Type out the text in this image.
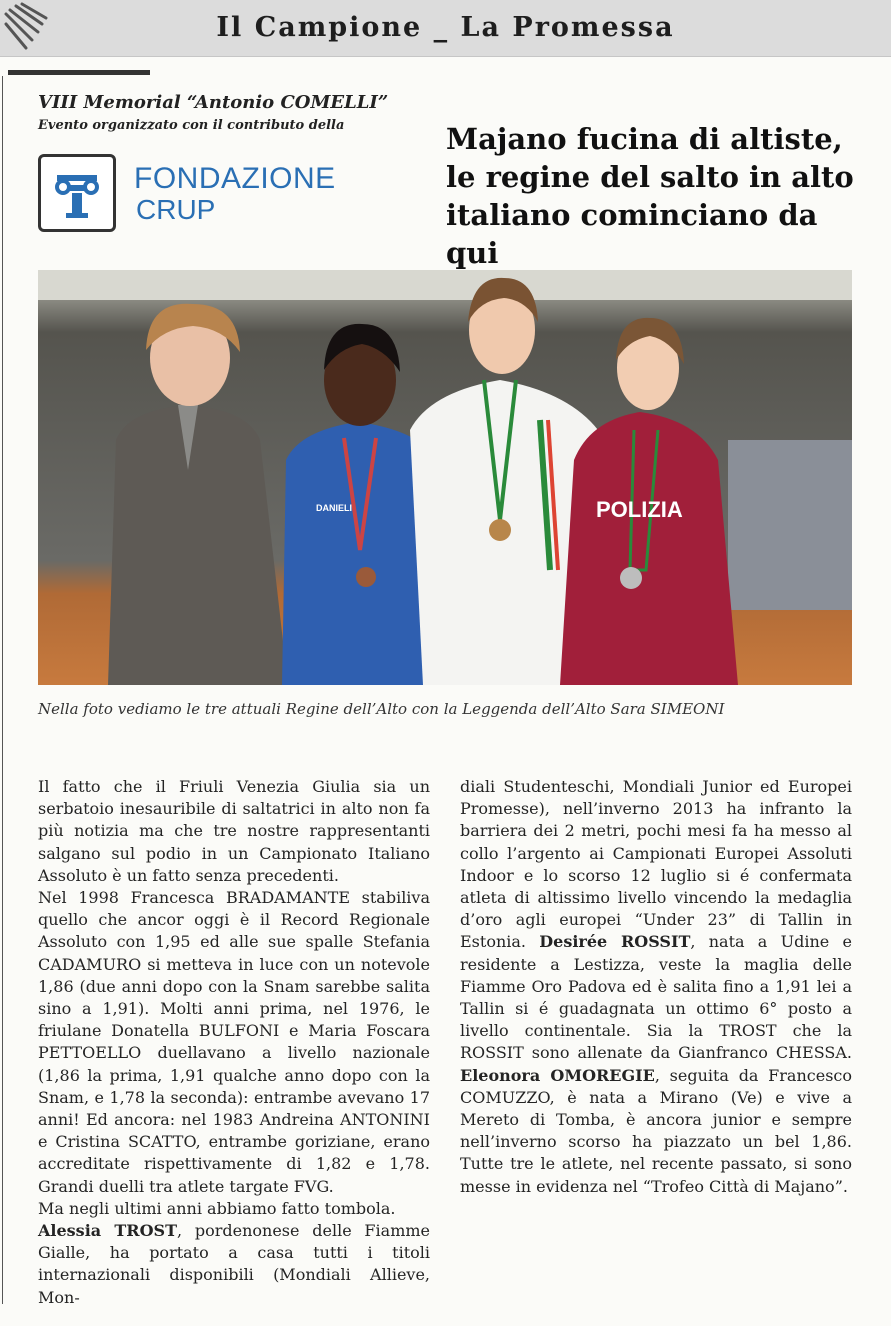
Il Campione _ La Promessa
VIII Memorial “Antonio COMELLI”
Evento organizzato con il contributo della
FONDAZIONE
CRUP
Majano fucina di altiste,
le regine del salto in alto
italiano cominciano da qui
DANIELI	POLIZIA
Nella foto vediamo le tre attuali Regine dell’Alto con la Leggenda dell’Alto Sara SIMEONI

Il fatto che il Friuli Venezia Giulia sia un serbatoio inesauribile di saltatrici in alto non fa più notizia ma che tre nostre rappresentanti salgano sul podio in un Campionato Italiano Assoluto è un fatto senza precedenti.

Nel 1998 Francesca BRADAMANTE stabiliva quello che ancor oggi è il Record Regionale Assoluto con 1,95 ed alle sue spalle Stefania CADAMURO si metteva in luce con un notevole 1,86 (due anni dopo con la Snam sarebbe salita sino a 1,91). Molti anni prima, nel 1976, le friulane Donatella BULFONI e Maria Foscara PETTOELLO duellavano a livello nazionale (1,86 la prima, 1,91 qualche anno dopo con la Snam, e 1,78 la seconda): entrambe avevano 17 anni! Ed ancora: nel 1983 Andreina ANTONINI e Cristina SCATTO, entrambe goriziane, erano accreditate rispettivamente di 1,82 e 1,78. Grandi duelli tra atlete targate FVG.

Ma negli ultimi anni abbiamo fatto tombola.

Alessia TROST, pordenonese delle Fiamme Gialle, ha portato a casa tutti i titoli internazionali disponibili (Mondiali Allieve, Mon-

diali Studenteschi, Mondiali Junior ed Europei Promesse), nell’inverno 2013 ha infranto la barriera dei 2 metri, pochi mesi fa ha messo al collo l’argento ai Campionati Europei Assoluti Indoor e lo scorso 12 luglio si é confermata atleta di altissimo livello vincendo la medaglia d’oro agli europei “Under 23” di Tallin in Estonia. Desirée ROSSIT, nata a Udine e residente a Lestizza, veste la maglia delle Fiamme Oro Padova ed è salita fino a 1,91 lei a Tallin si é guadagnata un ottimo 6° posto a livello continentale. Sia la TROST che la ROSSIT sono allenate da Gianfranco CHESSA. Eleonora OMOREGIE, seguita da Francesco COMUZZO, è nata a Mirano (Ve) e vive a Mereto di Tomba, è ancora junior e sempre nell’inverno scorso ha piazzato un bel 1,86. Tutte tre le atlete, nel recente passato, si sono messe in evidenza nel “Trofeo Città di Majano”.
